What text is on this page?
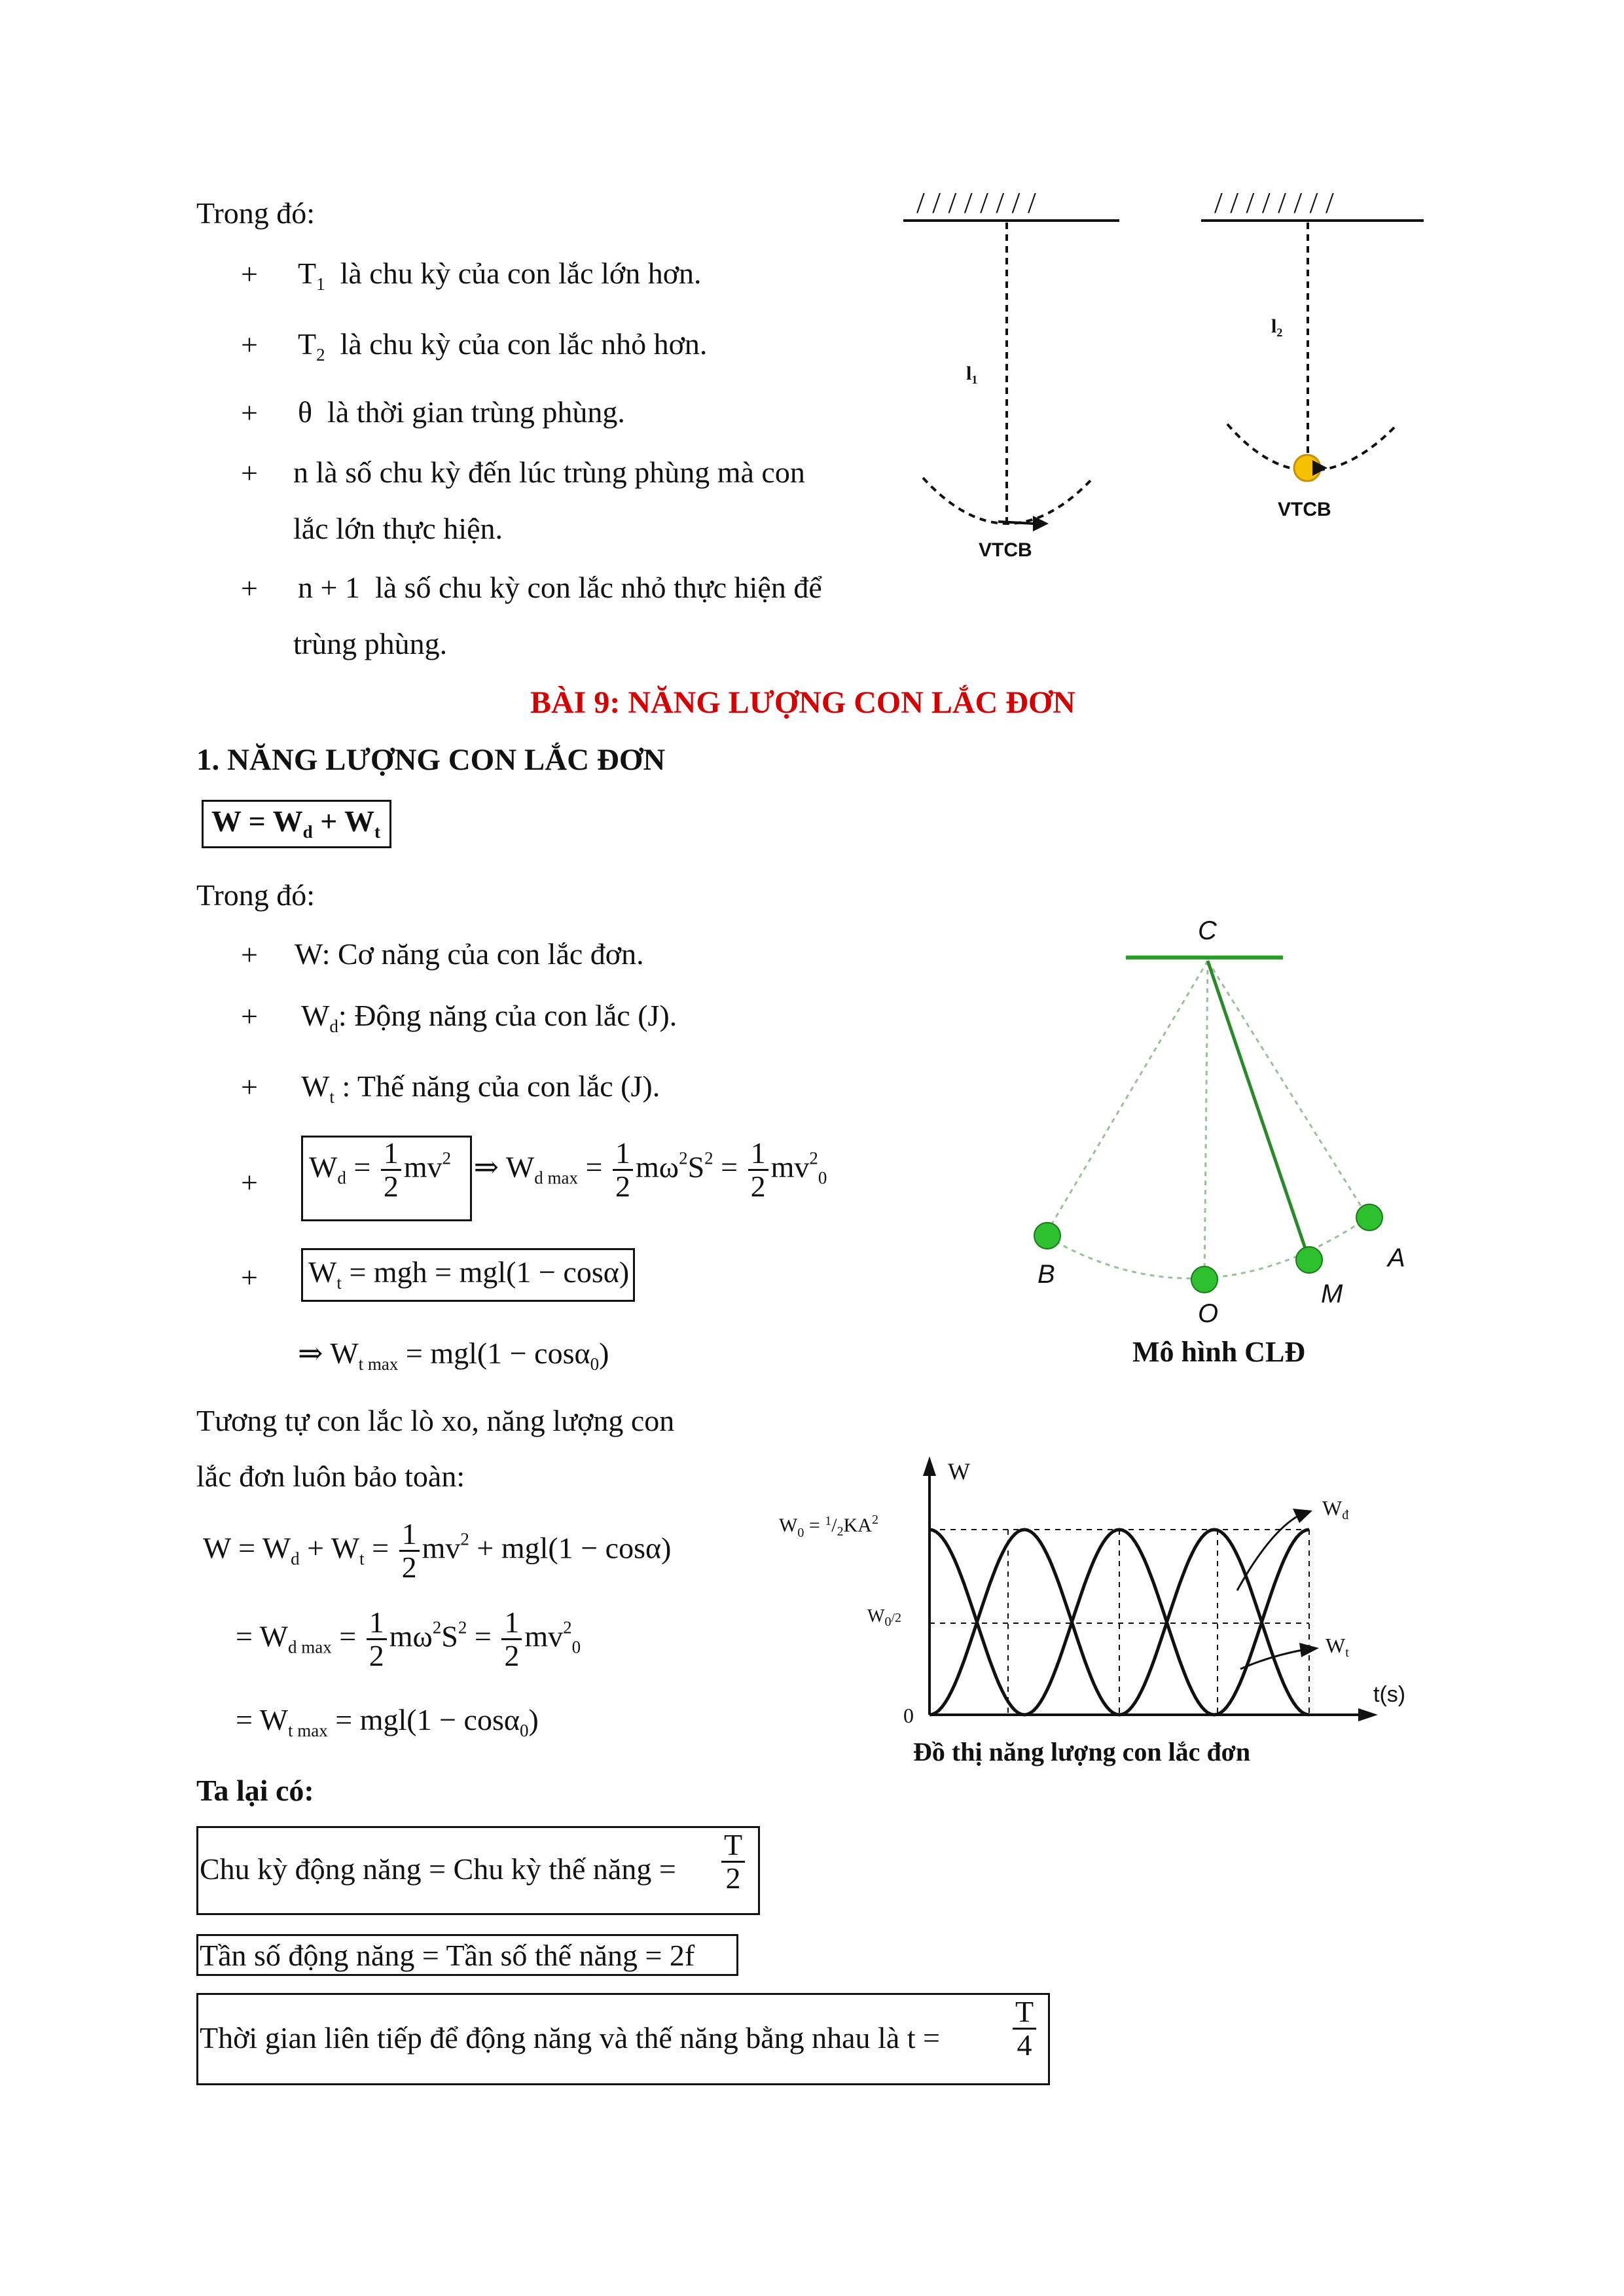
Trong đó:
+ $T_1$ là chu kỳ của con lắc lớn hơn.
+ $T_2$ là chu kỳ của con lắc nhỏ hơn.
+ θ là thời gian trùng phùng.
+ n là số chu kỳ đến lúc trùng phùng mà con
lắc lớn thực hiện.
+ n + 1 là số chu kỳ con lắc nhỏ thực hiện để
trùng phùng.
/ / / / / / / /
$l_1$
VTCB
/ / / / / / / /
$l_2$
VTCB
BÀI 9: NĂNG LƯỢNG CON LẮC ĐƠN
1. NĂNG LƯỢNG CON LẮC ĐƠN
$W = W_d + W_t$
Trong đó:
+ W: Cơ năng của con lắc đơn.
+ $W_d$: Động năng của con lắc (J).
+ $W_t$ : Thế năng của con lắc (J).
+ $W_d = \frac{1}{2} mv^2$ ⇒ $W_{d max} = \frac{1}{2} m\omega^2S^2 = \frac{1}{2} mv^2_0$
+ $W_t$ = mgh = mgl(1 − cosα)
⇒ $W_{t max} = mgl(1 - \cos\alpha_0)$
C
B
O
M
A
Mô hình CLĐ
Tương tự con lắc lò xo, năng lượng con
lắc đơn luôn bảo toàn:
$W = W_d + W_t = \frac{1}{2} mv^2 + mgl(1 - \cos\alpha)$
= $W_{d max} = \frac{1}{2} m\omega^2S^2 = \frac{1}{2} mv^2_0$
= $W_{t max} = mgl(1 - \cos\alpha_0)$
W
$W_0 = ^1/_2KA^2$
$W_0^{/2}$
0
t(s)
Wđ
Wt
Đồ thị năng lượng con lắc đơn
Ta lại có:
Chu kỳ động năng = Chu kỳ thế năng = $\frac{T}{2}$
Tần số động năng = Tần số thế năng = 2f
Thời gian liên tiếp để động năng và thế năng bằng nhau là $t = \frac{T}{4}$
